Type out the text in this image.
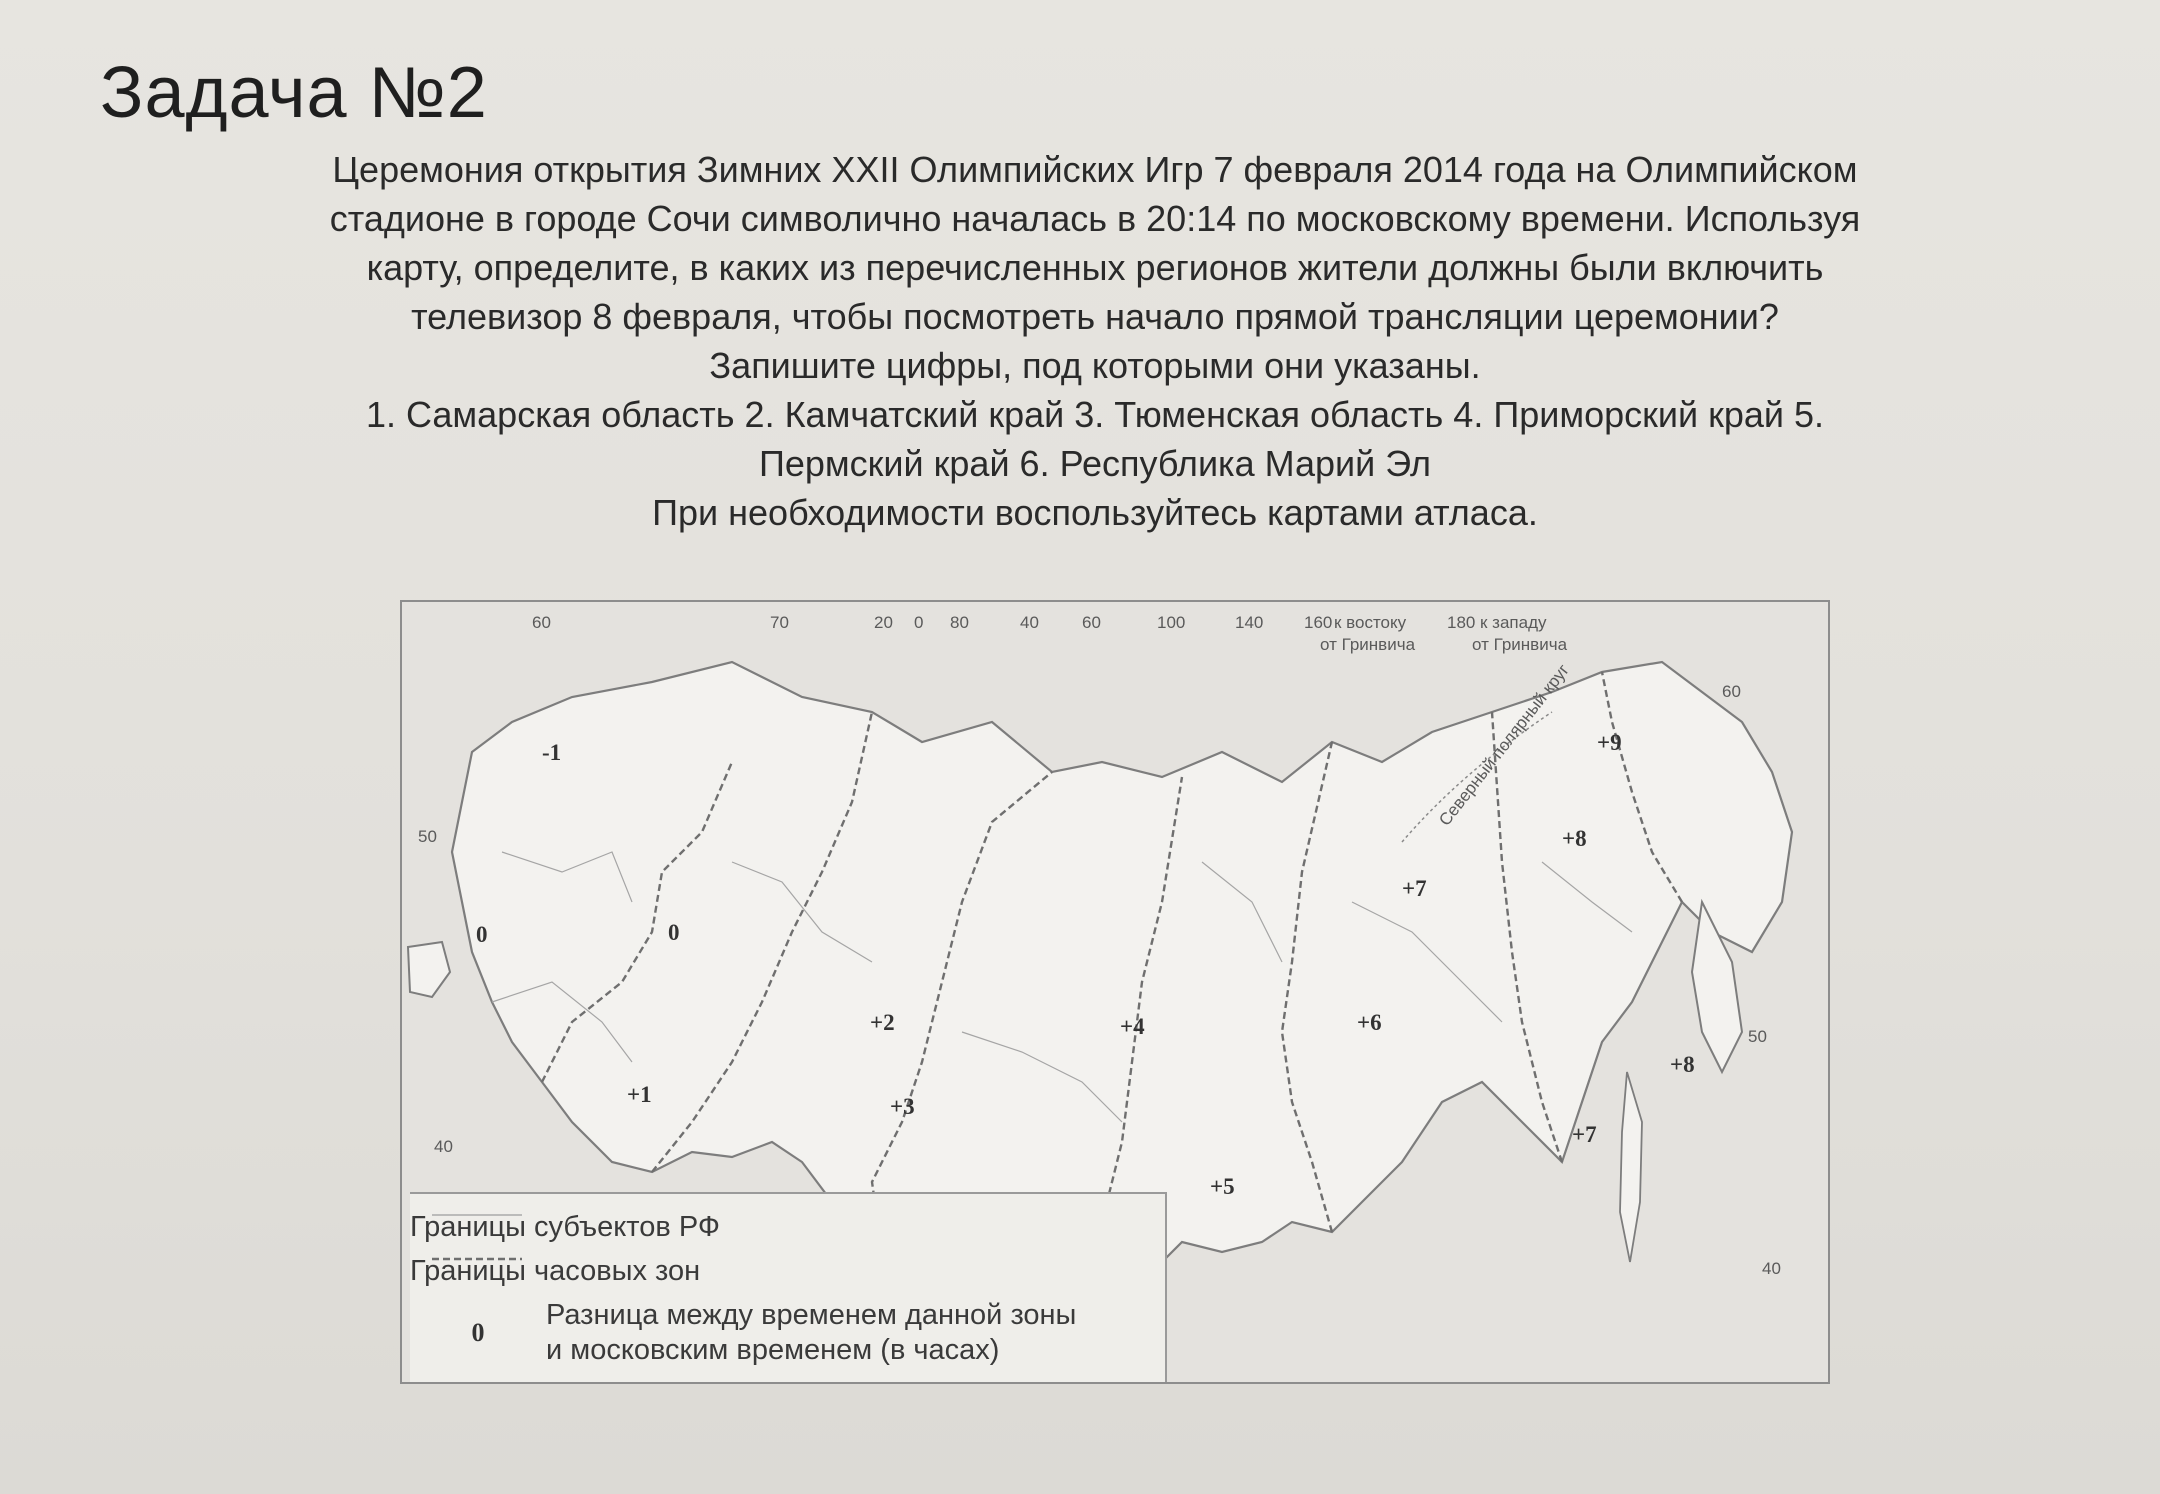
Задача №2

Церемония открытия Зимних XXII Олимпийских Игр 7 февраля 2014 года на Олимпийском

стадионе в городе Сочи символично началась в 20:14 по московскому времени. Используя

карту, определите, в каких из перечисленных регионов жители должны были включить

телевизор 8 февраля, чтобы посмотреть начало прямой трансляции церемонии?

Запишите цифры, под которыми они указаны.

1. Самарская область 2. Камчатский край 3. Тюменская область 4. Приморский край 5.

Пермский край 6. Республика Марий Эл

При необходимости воспользуйтесь картами атласа.

Северный полярный круг
60	70	20 0 80	40	60	100	140 160 к востоку
от Гринвича
180 к западу
от Гринвича
60
50
40
50
40
-1
0	0
+1
+2
+3
+4
+5
+6
+7
+7
+8
+8
+9
Границы субъектов РФ
Границы часовых зон
0
Разница между временем данной зоны
и московским временем (в часах)
